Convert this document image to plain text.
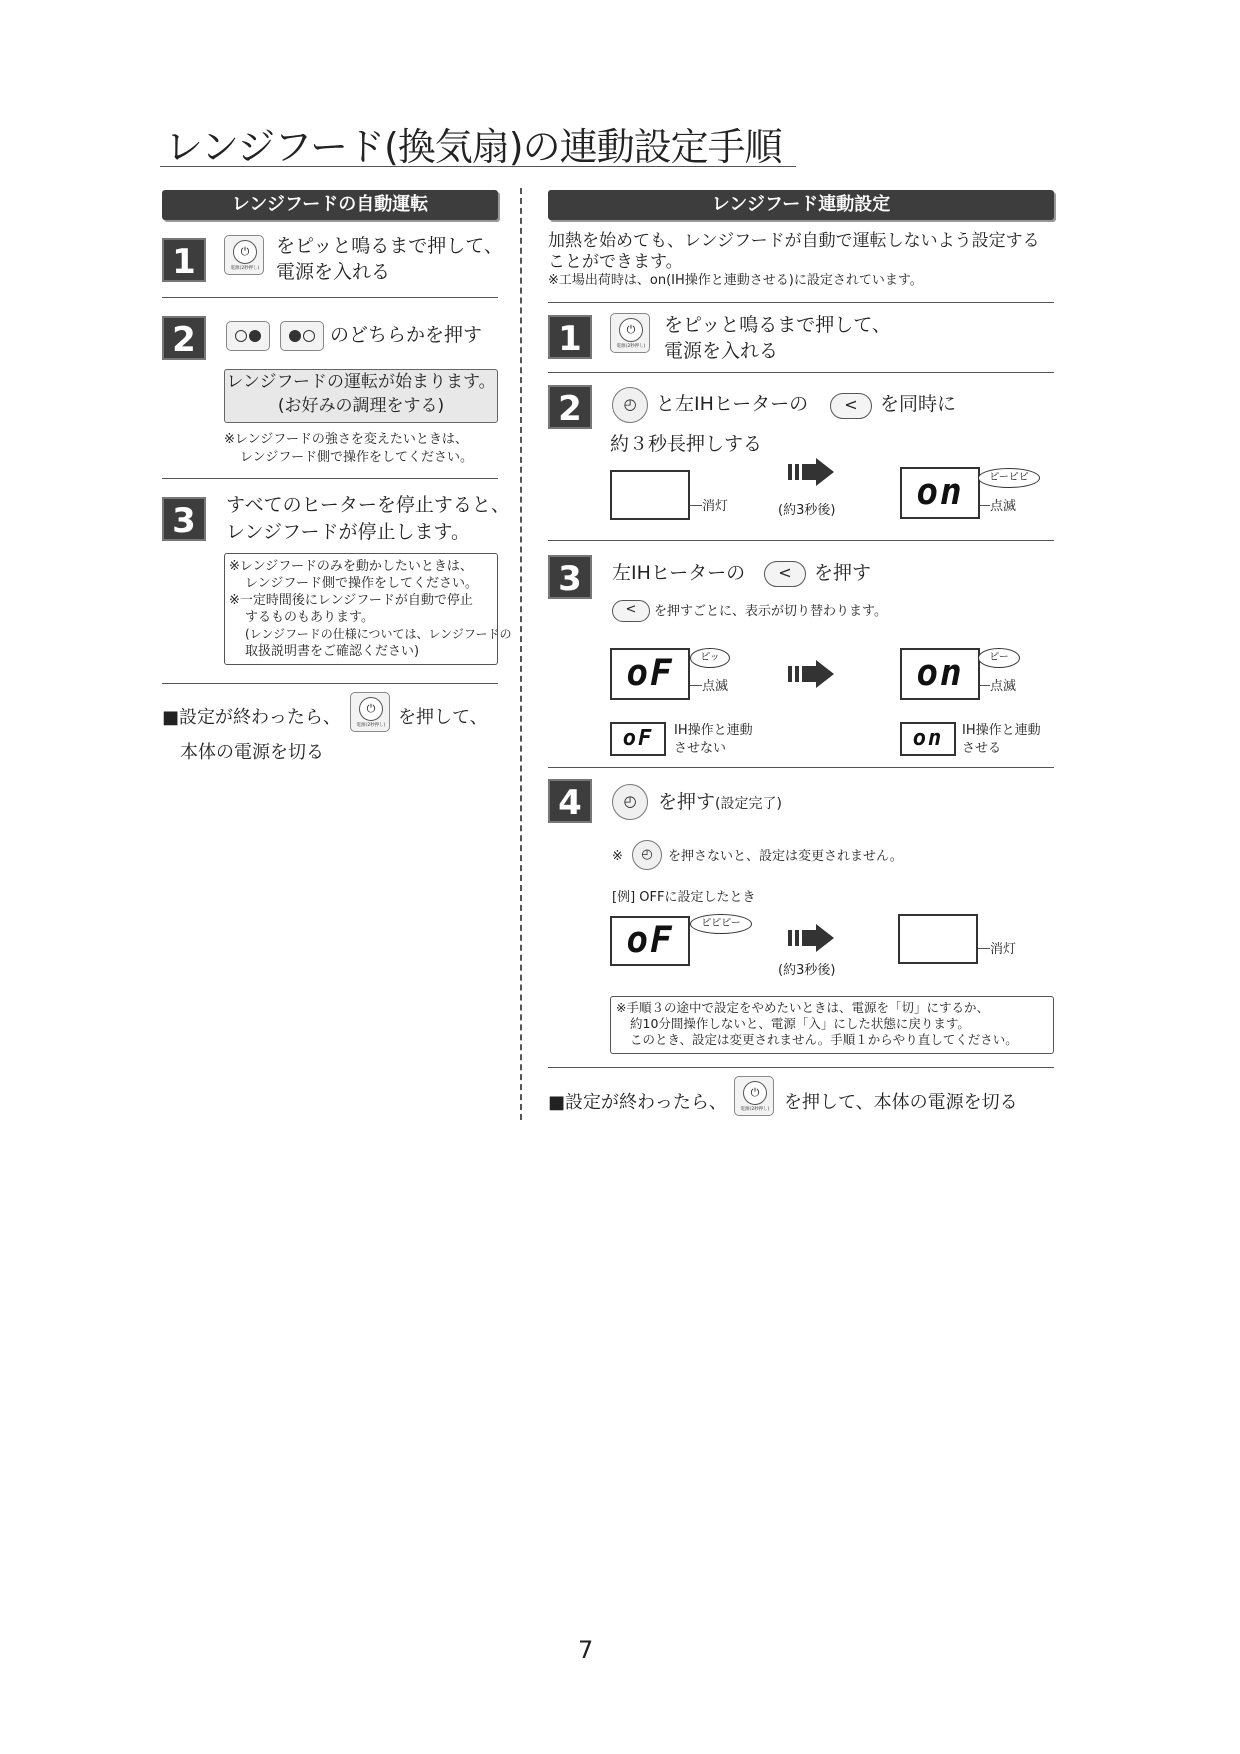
レンジフード(換気扇)の連動設定手順
レンジフードの自動運転
1	⏻
電源(2秒押し)
をピッと鳴るまで押して、
電源を入れる
2	のどちらかを押す
レンジフードの運転が始まります。
(お好みの調理をする)
※レンジフードの強さを変えたいときは、
レンジフード側で操作をしてください。
3	すべてのヒーターを停止すると、
レンジフードが停止します。
※レンジフードのみを動かしたいときは、
レンジフード側で操作をしてください。
※一定時間後にレンジフードが自動で停止
するものもあります。
(レンジフードの仕様については、レンジフードの
取扱説明書をご確認ください)
■設定が終わったら、	⏻
電源(2秒押し) を押して、
本体の電源を切る
レンジフード連動設定
加熱を始めても、レンジフードが自動で運転しないよう設定する
ことができます。
※工場出荷時は、on(IH操作と連動させる)に設定されています。
1	⏻
電源(2秒押し)
をピッと鳴るまで押して、
電源を入れる
2	◴	と左IHヒーターの	<	を同時に
約３秒長押しする
消灯	(約3秒後)	on	ピーピピ
点滅
3	左IHヒーターの	<	を押す
<	を押すごとに、表示が切り替わります。
oF	ピッ
点滅	on	ピー
点滅
oF	IH操作と連動
させない	on	IH操作と連動
させる
4	◴	を押す(設定完了)
※	◴	を押さないと、設定は変更されません。
[例] OFFに設定したとき
oF	ピピピー
(約3秒後)
消灯
※手順３の途中で設定をやめたいときは、電源を「切」にするか、
約10分間操作しないと、電源「入」にした状態に戻ります。
このとき、設定は変更されません。手順１からやり直してください。
■設定が終わったら、	⏻
電源(2秒押し) を押して、本体の電源を切る
7
